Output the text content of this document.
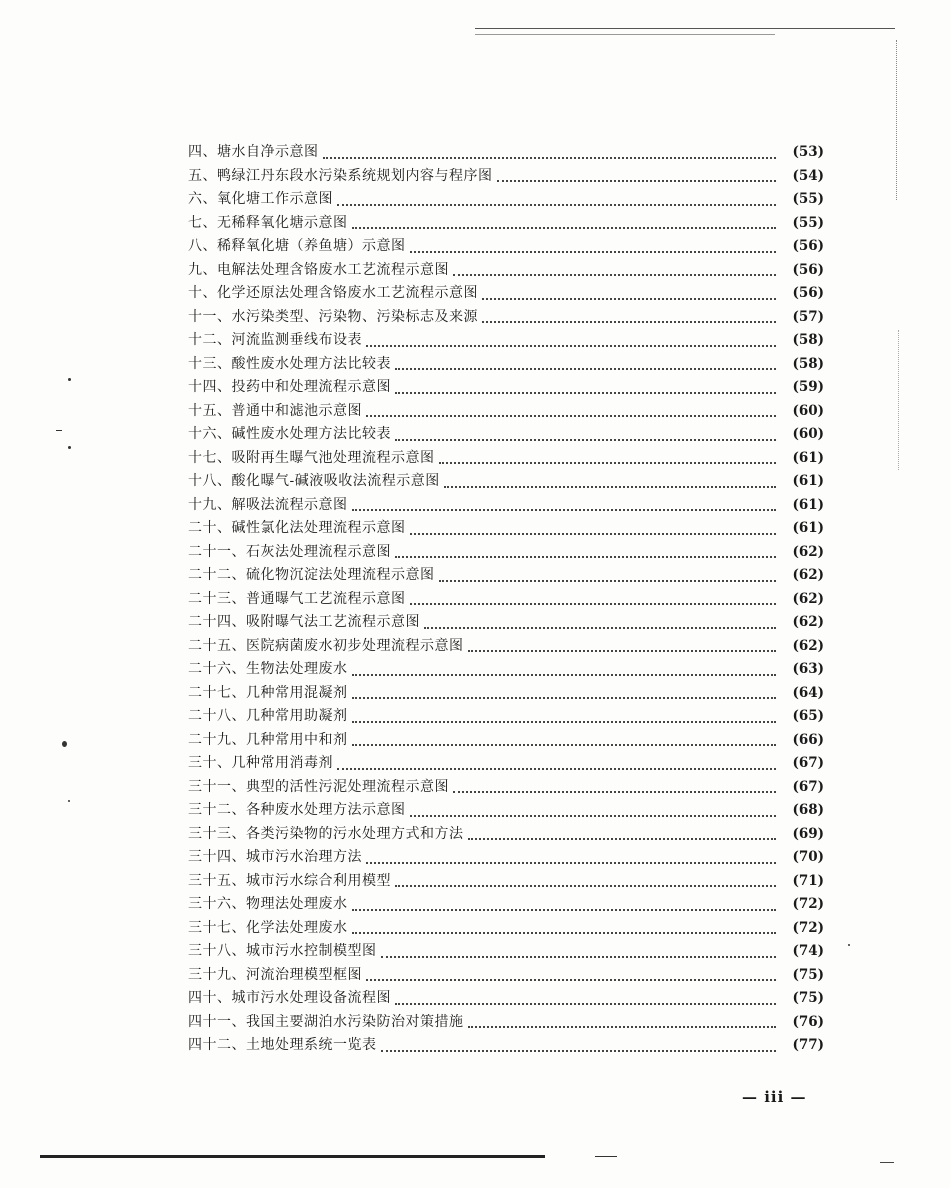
四、塘水自净示意图	(53)
五、鸭绿江丹东段水污染系统规划内容与程序图	(54)
六、氧化塘工作示意图	(55)
七、无稀释氧化塘示意图	(55)
八、稀释氧化塘（养鱼塘）示意图	(56)
九、电解法处理含铬废水工艺流程示意图	(56)
十、化学还原法处理含铬废水工艺流程示意图	(56)
十一、水污染类型、污染物、污染标志及来源	(57)
十二、河流监测垂线布设表	(58)
十三、酸性废水处理方法比较表	(58)
十四、投药中和处理流程示意图	(59)
十五、普通中和滤池示意图	(60)
十六、碱性废水处理方法比较表	(60)
十七、吸附再生曝气池处理流程示意图	(61)
十八、酸化曝气-碱液吸收法流程示意图	(61)
十九、解吸法流程示意图	(61)
二十、碱性氯化法处理流程示意图	(61)
二十一、石灰法处理流程示意图	(62)
二十二、硫化物沉淀法处理流程示意图	(62)
二十三、普通曝气工艺流程示意图	(62)
二十四、吸附曝气法工艺流程示意图	(62)
二十五、医院病菌废水初步处理流程示意图	(62)
二十六、生物法处理废水	(63)
二十七、几种常用混凝剂	(64)
二十八、几种常用助凝剂	(65)
二十九、几种常用中和剂	(66)
三十、几种常用消毒剂	(67)
三十一、典型的活性污泥处理流程示意图	(67)
三十二、各种废水处理方法示意图	(68)
三十三、各类污染物的污水处理方式和方法	(69)
三十四、城市污水治理方法	(70)
三十五、城市污水综合利用模型	(71)
三十六、物理法处理废水	(72)
三十七、化学法处理废水	(72)
三十八、城市污水控制模型图	(74)
三十九、河流治理模型框图	(75)
四十、城市污水处理设备流程图	(75)
四十一、我国主要湖泊水污染防治对策措施	(76)
四十二、土地处理系统一览表	(77)
— iii —
